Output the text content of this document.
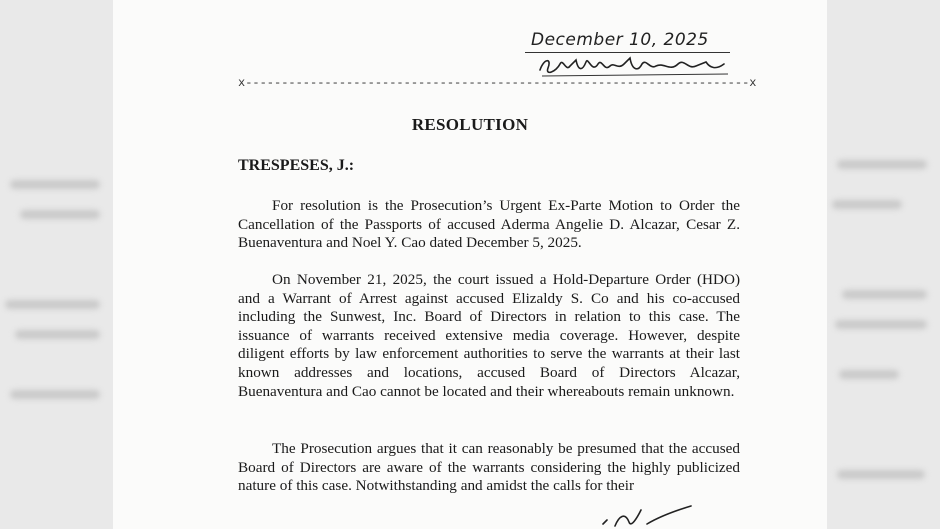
December 10, 2025
x----------------------------------------------------------------------x
RESOLUTION
TRESPESES, J.:
For resolution is the Prosecution’s Urgent Ex-Parte Motion to Order the Cancellation of the Passports of accused Aderma Angelie D. Alcazar, Cesar Z. Buenaventura and Noel Y. Cao dated December 5, 2025.
On November 21, 2025, the court issued a Hold-Departure Order (HDO) and a Warrant of Arrest against accused Elizaldy S. Co and his co-accused including the Sunwest, Inc. Board of Directors in relation to this case. The issuance of warrants received extensive media coverage. However, despite diligent efforts by law enforcement authorities to serve the warrants at their last known addresses and locations, accused Board of Directors Alcazar, Buenaventura and Cao cannot be located and their whereabouts remain unknown.
The Prosecution argues that it can reasonably be presumed that the accused Board of Directors are aware of the warrants considering the highly publicized nature of this case. Notwithstanding and amidst the calls for their
